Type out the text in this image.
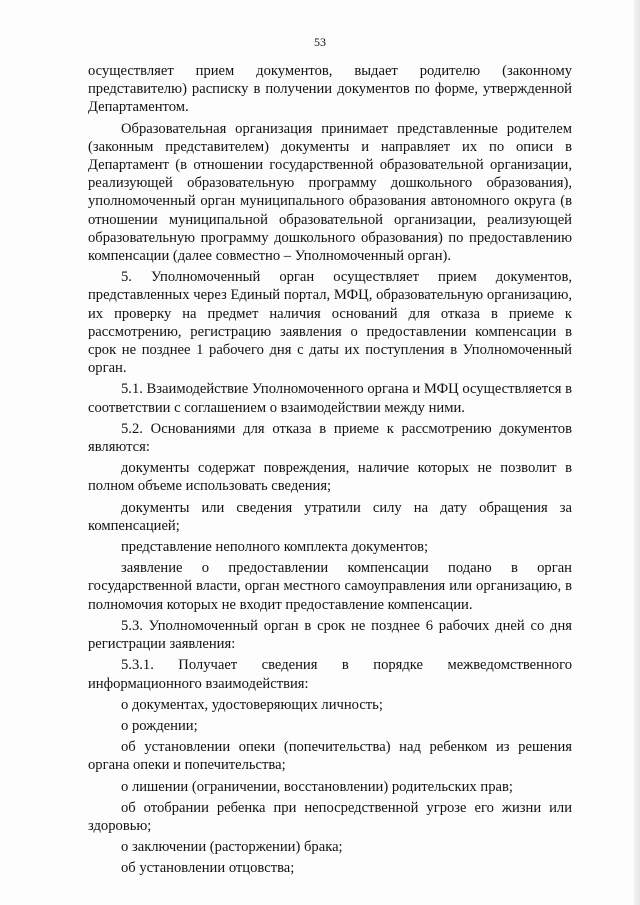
53

осуществляет прием документов, выдает родителю (законному представителю) расписку в получении документов по форме, утвержденной Департаментом.

Образовательная организация принимает представленные родителем (законным представителем) документы и направляет их по описи в Департамент (в отношении государственной образовательной организации, реализующей образовательную программу дошкольного образования), уполномоченный орган муниципального образования автономного округа (в отношении муниципальной образовательной организации, реализующей образовательную программу дошкольного образования) по предоставлению компенсации (далее совместно – Уполномоченный орган).

5. Уполномоченный орган осуществляет прием документов, представленных через Единый портал, МФЦ, образовательную организацию, их проверку на предмет наличия оснований для отказа в приеме к рассмотрению, регистрацию заявления о предоставлении компенсации в срок не позднее 1 рабочего дня с даты их поступления в Уполномоченный орган.

5.1. Взаимодействие Уполномоченного органа и МФЦ осуществляется в соответствии с соглашением о взаимодействии между ними.

5.2. Основаниями для отказа в приеме к рассмотрению документов являются:

документы содержат повреждения, наличие которых не позволит в полном объеме использовать сведения;

документы или сведения утратили силу на дату обращения за компенсацией;

представление неполного комплекта документов;

заявление о предоставлении компенсации подано в орган государственной власти, орган местного самоуправления или организацию, в полномочия которых не входит предоставление компенсации.

5.3. Уполномоченный орган в срок не позднее 6 рабочих дней со дня регистрации заявления:

5.3.1. Получает сведения в порядке межведомственного информационного взаимодействия:

о документах, удостоверяющих личность;

о рождении;

об установлении опеки (попечительства) над ребенком из решения органа опеки и попечительства;

о лишении (ограничении, восстановлении) родительских прав;

об отобрании ребенка при непосредственной угрозе его жизни или здоровью;

о заключении (расторжении) брака;

об установлении отцовства;
